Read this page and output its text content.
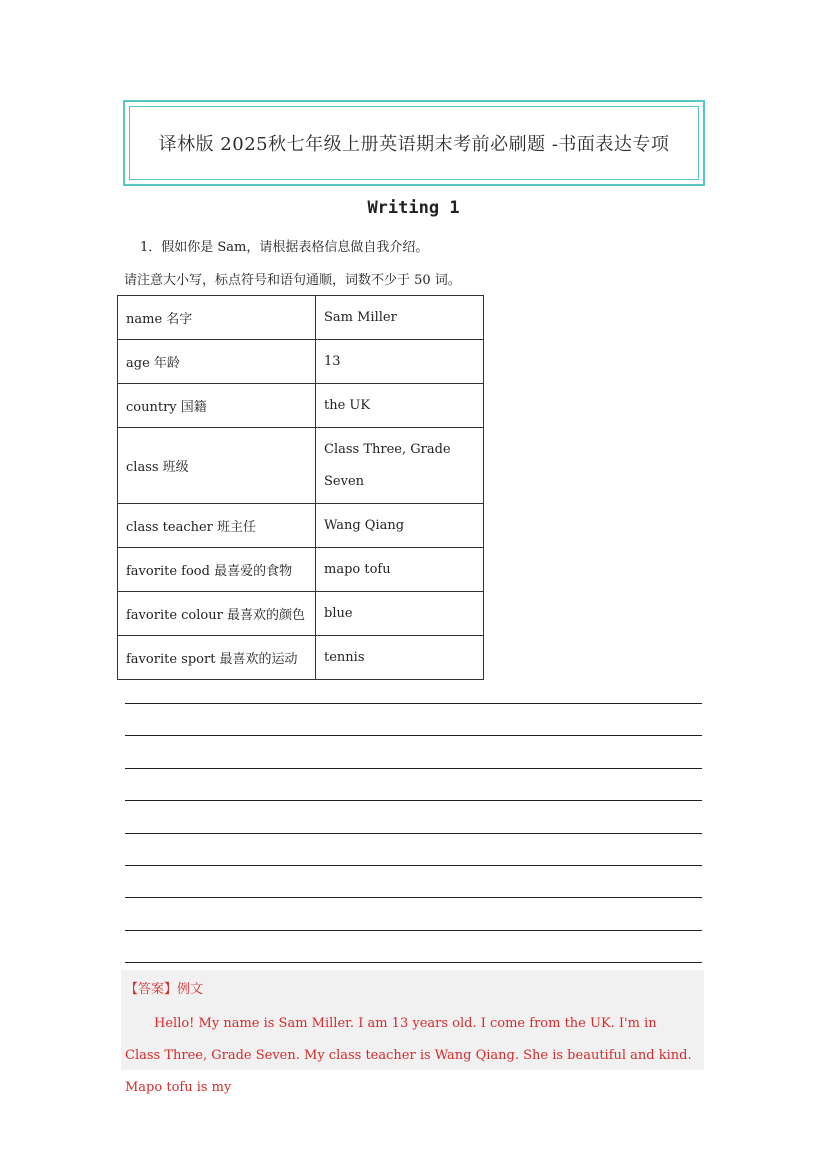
译林版 2025秋七年级上册英语期末考前必刷题 -书面表达专项
Writing 1
1．假如你是 Sam，请根据表格信息做自我介绍。
请注意大小写，标点符号和语句通顺，词数不少于 50 词。
name 名字	Sam Miller
age 年龄	13
country 国籍	the UK
class 班级	Class Three, Grade Seven
class teacher 班主任	Wang Qiang
favorite food 最喜爱的食物	mapo tofu
favorite colour 最喜欢的颜色	blue
favorite sport 最喜欢的运动	tennis
【答案】例文
Hello! My name is Sam Miller. I am 13 years old. I come from the UK. I'm in Class Three, Grade Seven. My class teacher is Wang Qiang. She is beautiful and kind. Mapo tofu is my
